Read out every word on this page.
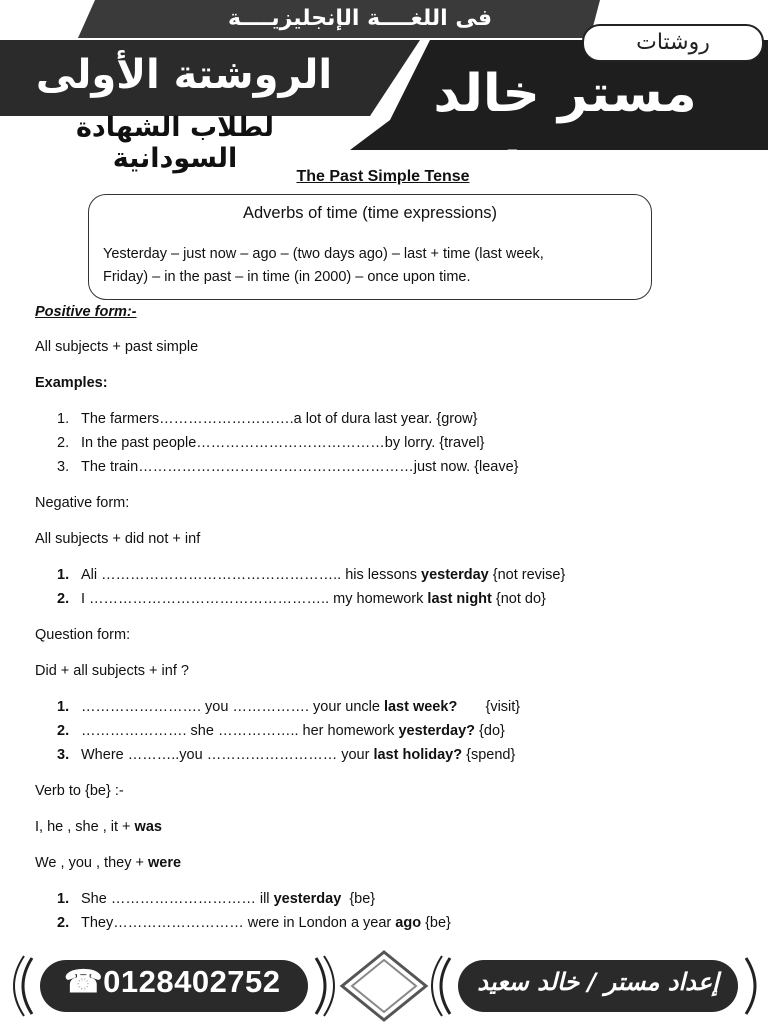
فى اللغــــة الإنجليزيــــة
روشتات
الروشتة الأولى	مستر خالد سعيد
لطلاب الشهادة السودانية
The Past Simple Tense
Adverbs of time (time expressions)
Yesterday – just now – ago – (two days ago) – last + time (last week,
Friday) – in the past – in time (in 2000) – once upon time.
Positive form:-
All subjects + past simple
Examples:
1. The farmers……………………….a lot of dura last year. {grow}
2. In the past people…………………………………by lorry. {travel}
3. The train…………………………………………………just now. {leave}
Negative form:
All subjects + did not + inf
1. Ali ………………………………………….. his lessons yesterday {not revise}
2. I ………………………………………….. my homework last night {not do}
Question form:
Did + all subjects + inf ?
1. ……………………. you ……………. your uncle last week?       {visit}
2. …………………. she …………….. her homework yesterday? {do}
3. Where ………..you ……………………… your last holiday? {spend}
Verb to {be} :-
I, he , she , it + was
We , you , they + were
1. She ………………………… ill yesterday  {be}
2. They……………………… were in London a year ago {be}
☎0128402752	إعداد مستر / خالد سعيد
